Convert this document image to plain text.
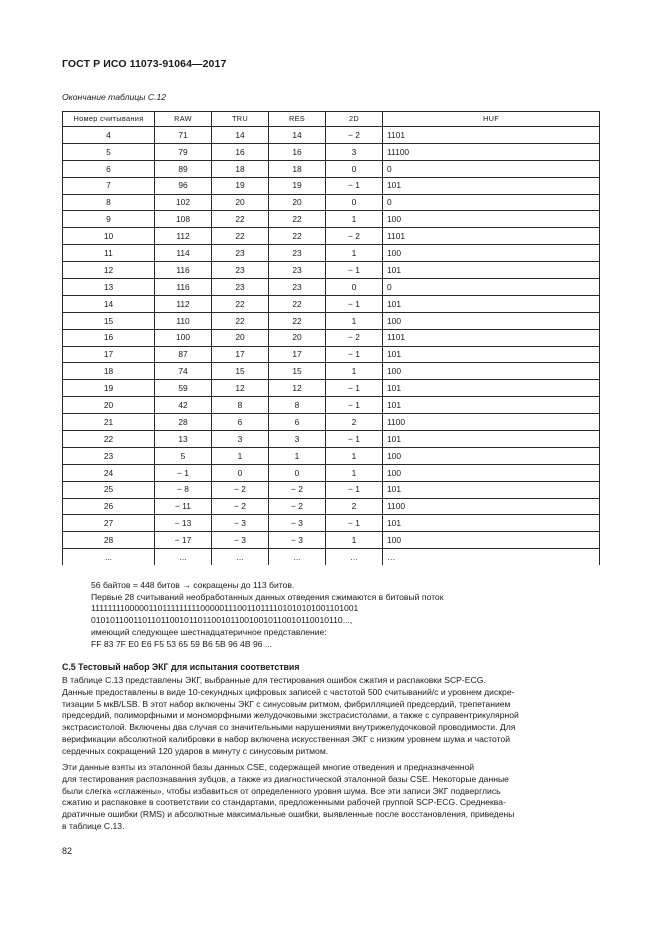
ГОСТ Р ИСО 11073-91064—2017
Окончание таблицы С.12
Номер считывания	RAW	TRU	RES	2D	HUF
4	71	14	14	− 2	1101
5	79	16	16	3	11100
6	89	18	18	0	0
7	96	19	19	− 1	101
8	102	20	20	0	0
9	108	22	22	1	100
10	112	22	22	− 2	1101
11	114	23	23	1	100
12	116	23	23	− 1	101
13	116	23	23	0	0
14	112	22	22	− 1	101
15	110	22	22	1	100
16	100	20	20	− 2	1101
17	87	17	17	− 1	101
18	74	15	15	1	100
19	59	12	12	− 1	101
20	42	8	8	− 1	101
21	28	6	6	2	1100
22	13	3	3	− 1	101
23	5	1	1	1	100
24	− 1	0	0	1	100
25	− 8	− 2	− 2	− 1	101
26	− 11	− 2	− 2	2	1100
27	− 13	− 3	− 3	− 1	101
28	− 17	− 3	− 3	1	100
...	...	...	...	…	…
56 байтов = 448 битов → сокращены до 113 битов.
Первые 28 считываний необработанных данных отведения сжимаются в битовый поток
11111111000001101111111110000011100110111101010101001101001
010101100110110110010110110010110010010110010110010110...,
имеющий следующее шестнадцатеричное представление:
FF 83 7F E0 E6 F5 53 65 59 B6 5B 96 4B 96 ...
С.5 Тестовый набор ЭКГ для испытания соответствия
В таблице С.13 представлены ЭКГ, выбранные для тестирования ошибок сжатия и распаковки SCP-ECG.
Данные предоставлены в виде 10-секундных цифровых записей с частотой 500 считываний/с и уровнем дискре-
тизации 5 мкВ/LSB. В этот набор включены ЭКГ с синусовым ритмом, фибрилляцией предсердий, трепетанием
предсердий, полиморфными и мономорфными желудочковыми экстрасистолами, а также с суправентрикулярной
экстрасистолой. Включены два случая со значительными нарушениями внутрижелудочковой проводимости. Для
верификации абсолютной калибровки в набор включена искусственная ЭКГ с низким уровнем шума и частотой
сердечных сокращений 120 ударов в минуту с синусовым ритмом.
Эти данные взяты из эталонной базы данных CSE, содержащей многие отведения и предназначенной
для тестирования распознавания зубцов, а также из диагностической эталонной базы CSE. Некоторые данные
были слегка «сглажены», чтобы избавиться от определенного уровня шума. Все эти записи ЭКГ подверглись
сжатию и распаковке в соответствии со стандартами, предложенными рабочей группой SCP-ECG. Среднеква-
дратичные ошибки (RMS) и абсолютные максимальные ошибки, выявленные после восстановления, приведены
в таблице С.13.
82
